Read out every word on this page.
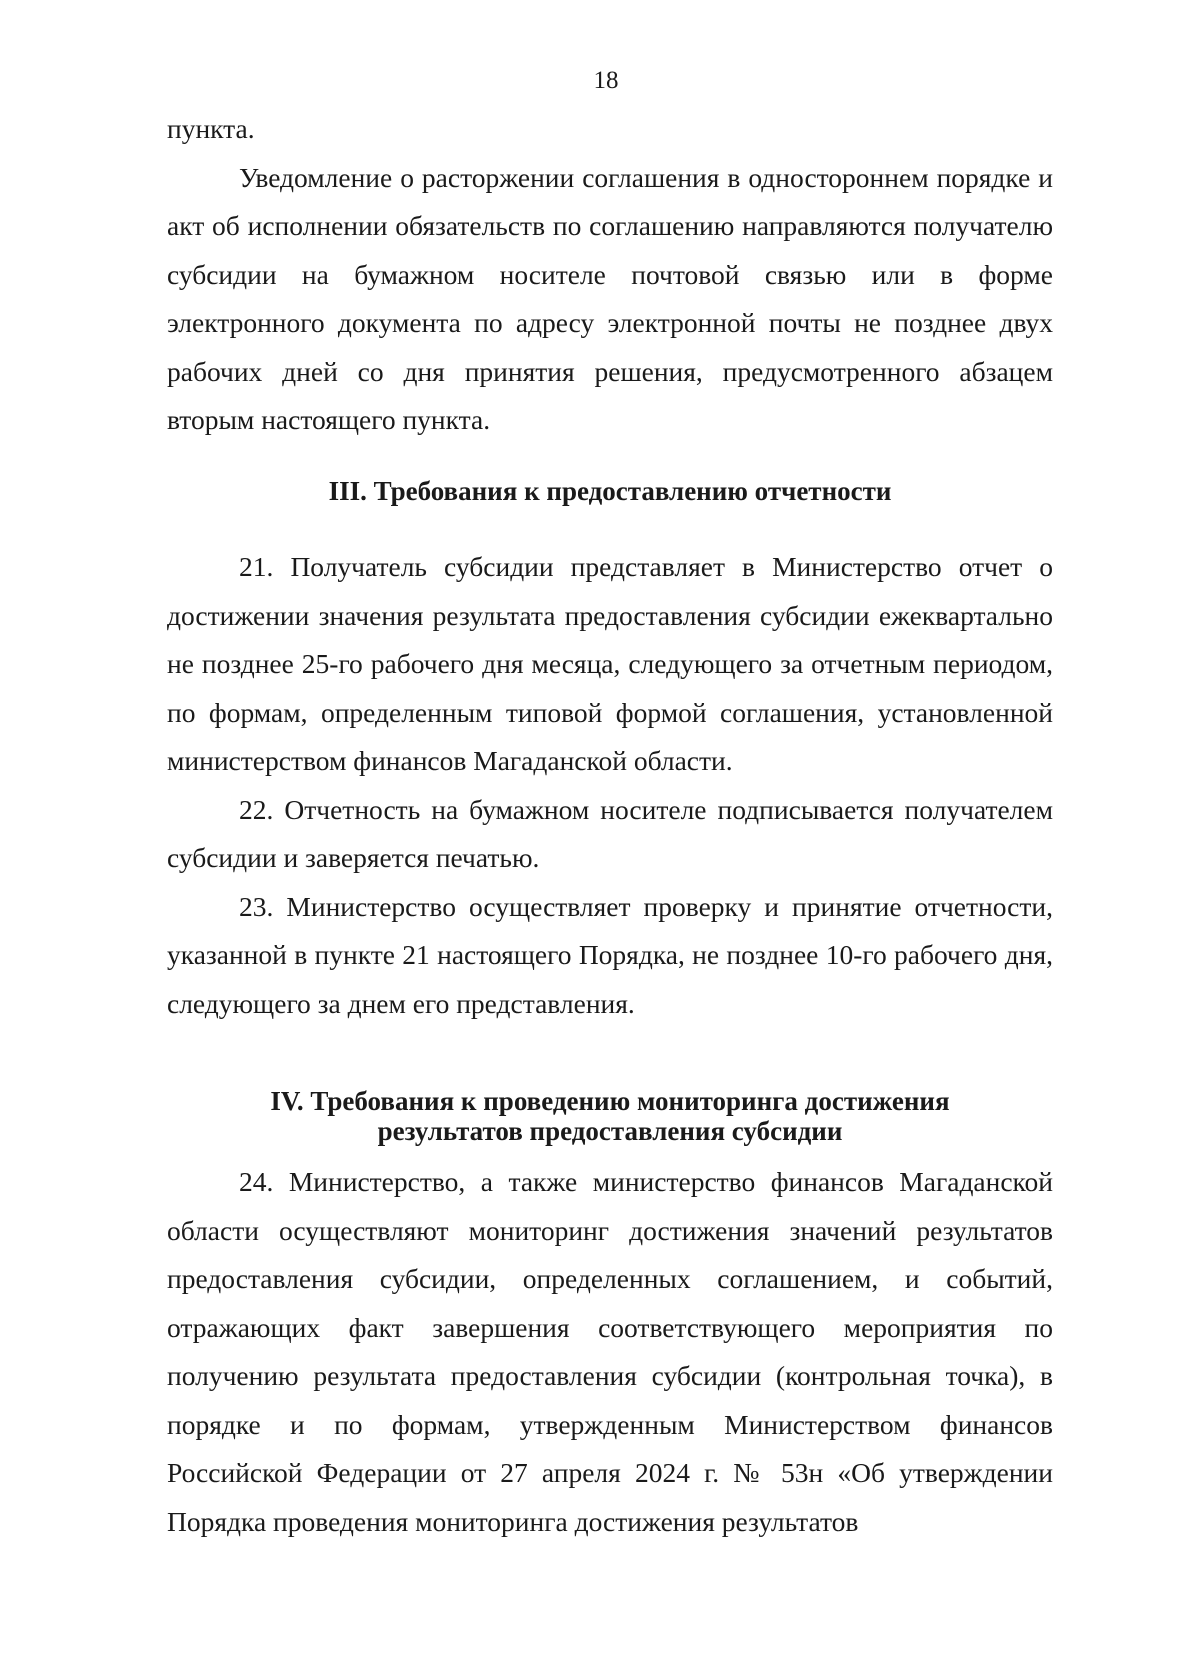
18

пункта.

Уведомление о расторжении соглашения в одностороннем порядке и акт об исполнении обязательств по соглашению направляются получателю субсидии на бумажном носителе почтовой связью или в форме электронного документа по адресу электронной почты не позднее двух рабочих дней со дня принятия решения, предусмотренного абзацем вторым настоящего пункта.

III. Требования к предоставлению отчетности

21. Получатель субсидии представляет в Министерство отчет о достижении значения результата предоставления субсидии ежеквартально не позднее 25-го рабочего дня месяца, следующего за отчетным периодом, по формам, определенным типовой формой соглашения, установленной министерством финансов Магаданской области.

22. Отчетность на бумажном носителе подписывается получателем субсидии и заверяется печатью.

23. Министерство осуществляет проверку и принятие отчетности, указанной в пункте 21 настоящего Порядка, не позднее 10-го рабочего дня, следующего за днем его представления.

IV. Требования к проведению мониторинга достижения
результатов предоставления субсидии

24. Министерство, а также министерство финансов Магаданской области осуществляют мониторинг достижения значений результатов предоставления субсидии, определенных соглашением, и событий, отражающих факт завершения соответствующего мероприятия по получению результата предоставления субсидии (контрольная точка), в порядке и по формам, утвержденным Министерством финансов Российской Федерации от 27 апреля 2024 г. № 53н «Об утверждении Порядка проведения мониторинга достижения результатов
